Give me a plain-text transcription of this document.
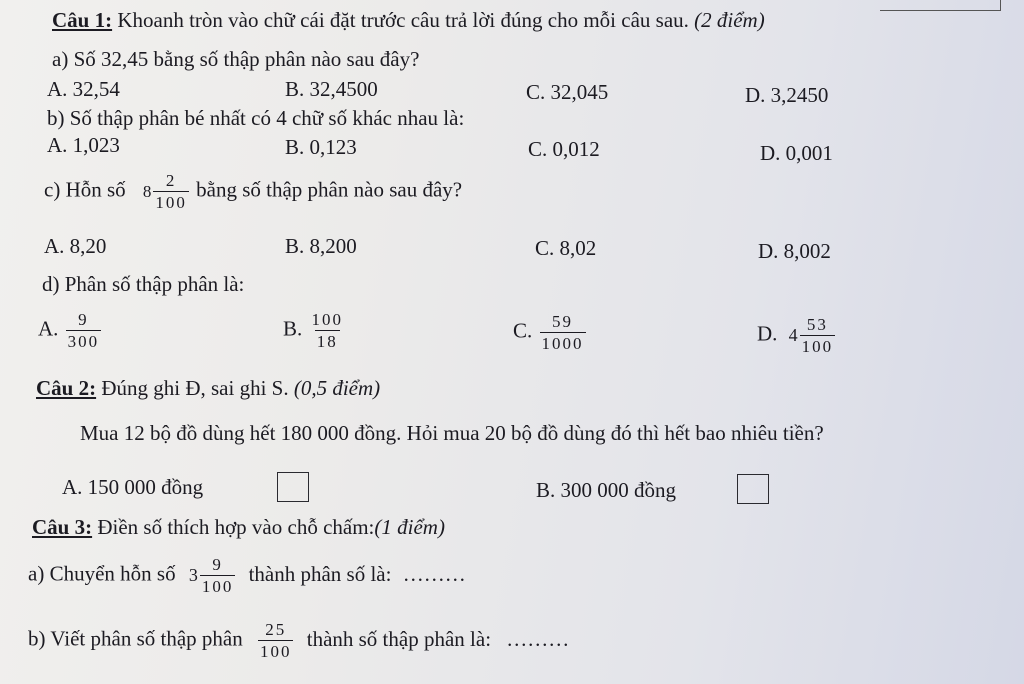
Câu 1: Khoanh tròn vào chữ cái đặt trước câu trả lời đúng cho mỗi câu sau. (2 điểm)
a) Số 32,45 bằng số thập phân nào sau đây?
A. 32,54	B. 32,4500	C. 32,045	D. 3,2450
b) Số thập phân bé nhất có 4 chữ số khác nhau là:
A. 1,023	B. 0,123	C. 0,012	D. 0,001
c) Hỗn số $8 \frac{2}{100}$ bằng số thập phân nào sau đây?
A. 8,20	B. 8,200	C. 8,02	D. 8,002
d) Phân số thập phân là:
A. $\frac{9}{300}$	B. $\frac{100}{18}$	C. $\frac{59}{1000}$	D. $4 \frac{53}{100}$
Câu 2: Đúng ghi Đ, sai ghi S. (0,5 điểm)
Mua 12 bộ đồ dùng hết 180 000 đồng. Hỏi mua 20 bộ đồ dùng đó thì hết bao nhiêu tiền?
A. 150 000 đồng	B. 300 000 đồng
Câu 3: Điền số thích hợp vào chỗ chấm:(1 điểm)
a) Chuyển hỗn số $3 \frac{9}{100}$ thành phân số là: ………
b) Viết phân số thập phân $\frac{25}{100}$ thành số thập phân là: ………
